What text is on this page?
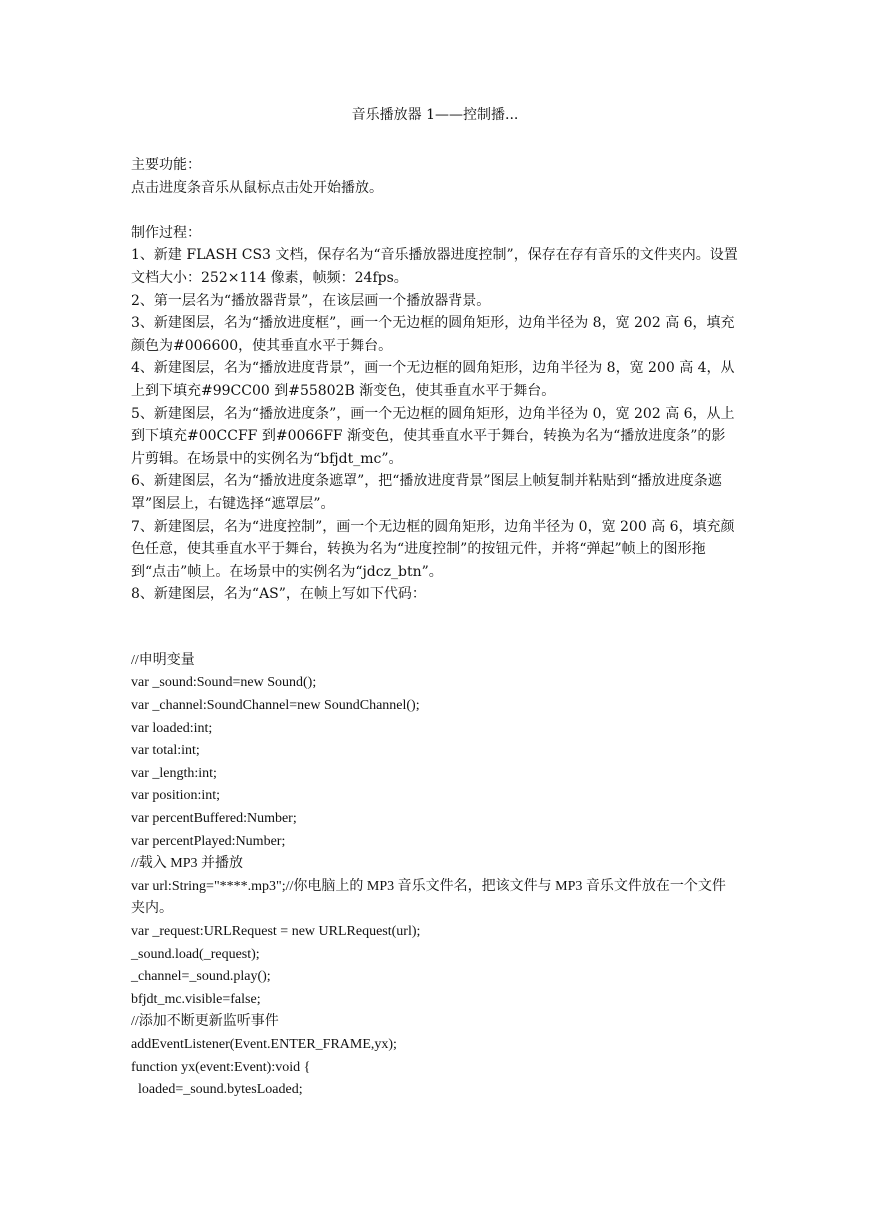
音乐播放器 1——控制播...

主要功能：

点击进度条音乐从鼠标点击处开始播放。

制作过程：

1、新建 FLASH CS3 文档，保存名为“音乐播放器进度控制”，保存在存有音乐的文件夹内。设置文档大小：252×114 像素，帧频：24fps。

2、第一层名为“播放器背景”，在该层画一个播放器背景。

3、新建图层，名为“播放进度框”，画一个无边框的圆角矩形，边角半径为 8，宽 202 高 6，填充颜色为#006600，使其垂直水平于舞台。

4、新建图层，名为“播放进度背景”，画一个无边框的圆角矩形，边角半径为 8，宽 200 高 4，从上到下填充#99CC00 到#55802B 渐变色，使其垂直水平于舞台。

5、新建图层，名为“播放进度条”，画一个无边框的圆角矩形，边角半径为 0，宽 202 高 6，从上到下填充#00CCFF 到#0066FF 渐变色，使其垂直水平于舞台，转换为名为“播放进度条”的影片剪辑。在场景中的实例名为“bfjdt_mc”。

6、新建图层，名为“播放进度条遮罩”，把“播放进度背景”图层上帧复制并粘贴到“播放进度条遮罩”图层上，右键选择“遮罩层”。

7、新建图层，名为“进度控制”，画一个无边框的圆角矩形，边角半径为 0，宽 200 高 6，填充颜色任意，使其垂直水平于舞台，转换为名为“进度控制”的按钮元件，并将“弹起”帧上的图形拖到“点击”帧上。在场景中的实例名为“jdcz_btn”。

8、新建图层，名为“AS”，在帧上写如下代码：

//申明变量

var _sound:Sound=new Sound();

var _channel:SoundChannel=new SoundChannel();

var loaded:int;

var total:int;

var _length:int;

var position:int;

var percentBuffered:Number;

var percentPlayed:Number;

//载入 MP3 并播放

var url:String="****.mp3";//你电脑上的 MP3 音乐文件名，把该文件与 MP3 音乐文件放在一个文件夹内。

var _request:URLRequest = new URLRequest(url);

_sound.load(_request);

_channel=_sound.play();

bfjdt_mc.visible=false;

//添加不断更新监听事件

addEventListener(Event.ENTER_FRAME,yx);

function yx(event:Event):void {

loaded=_sound.bytesLoaded;
